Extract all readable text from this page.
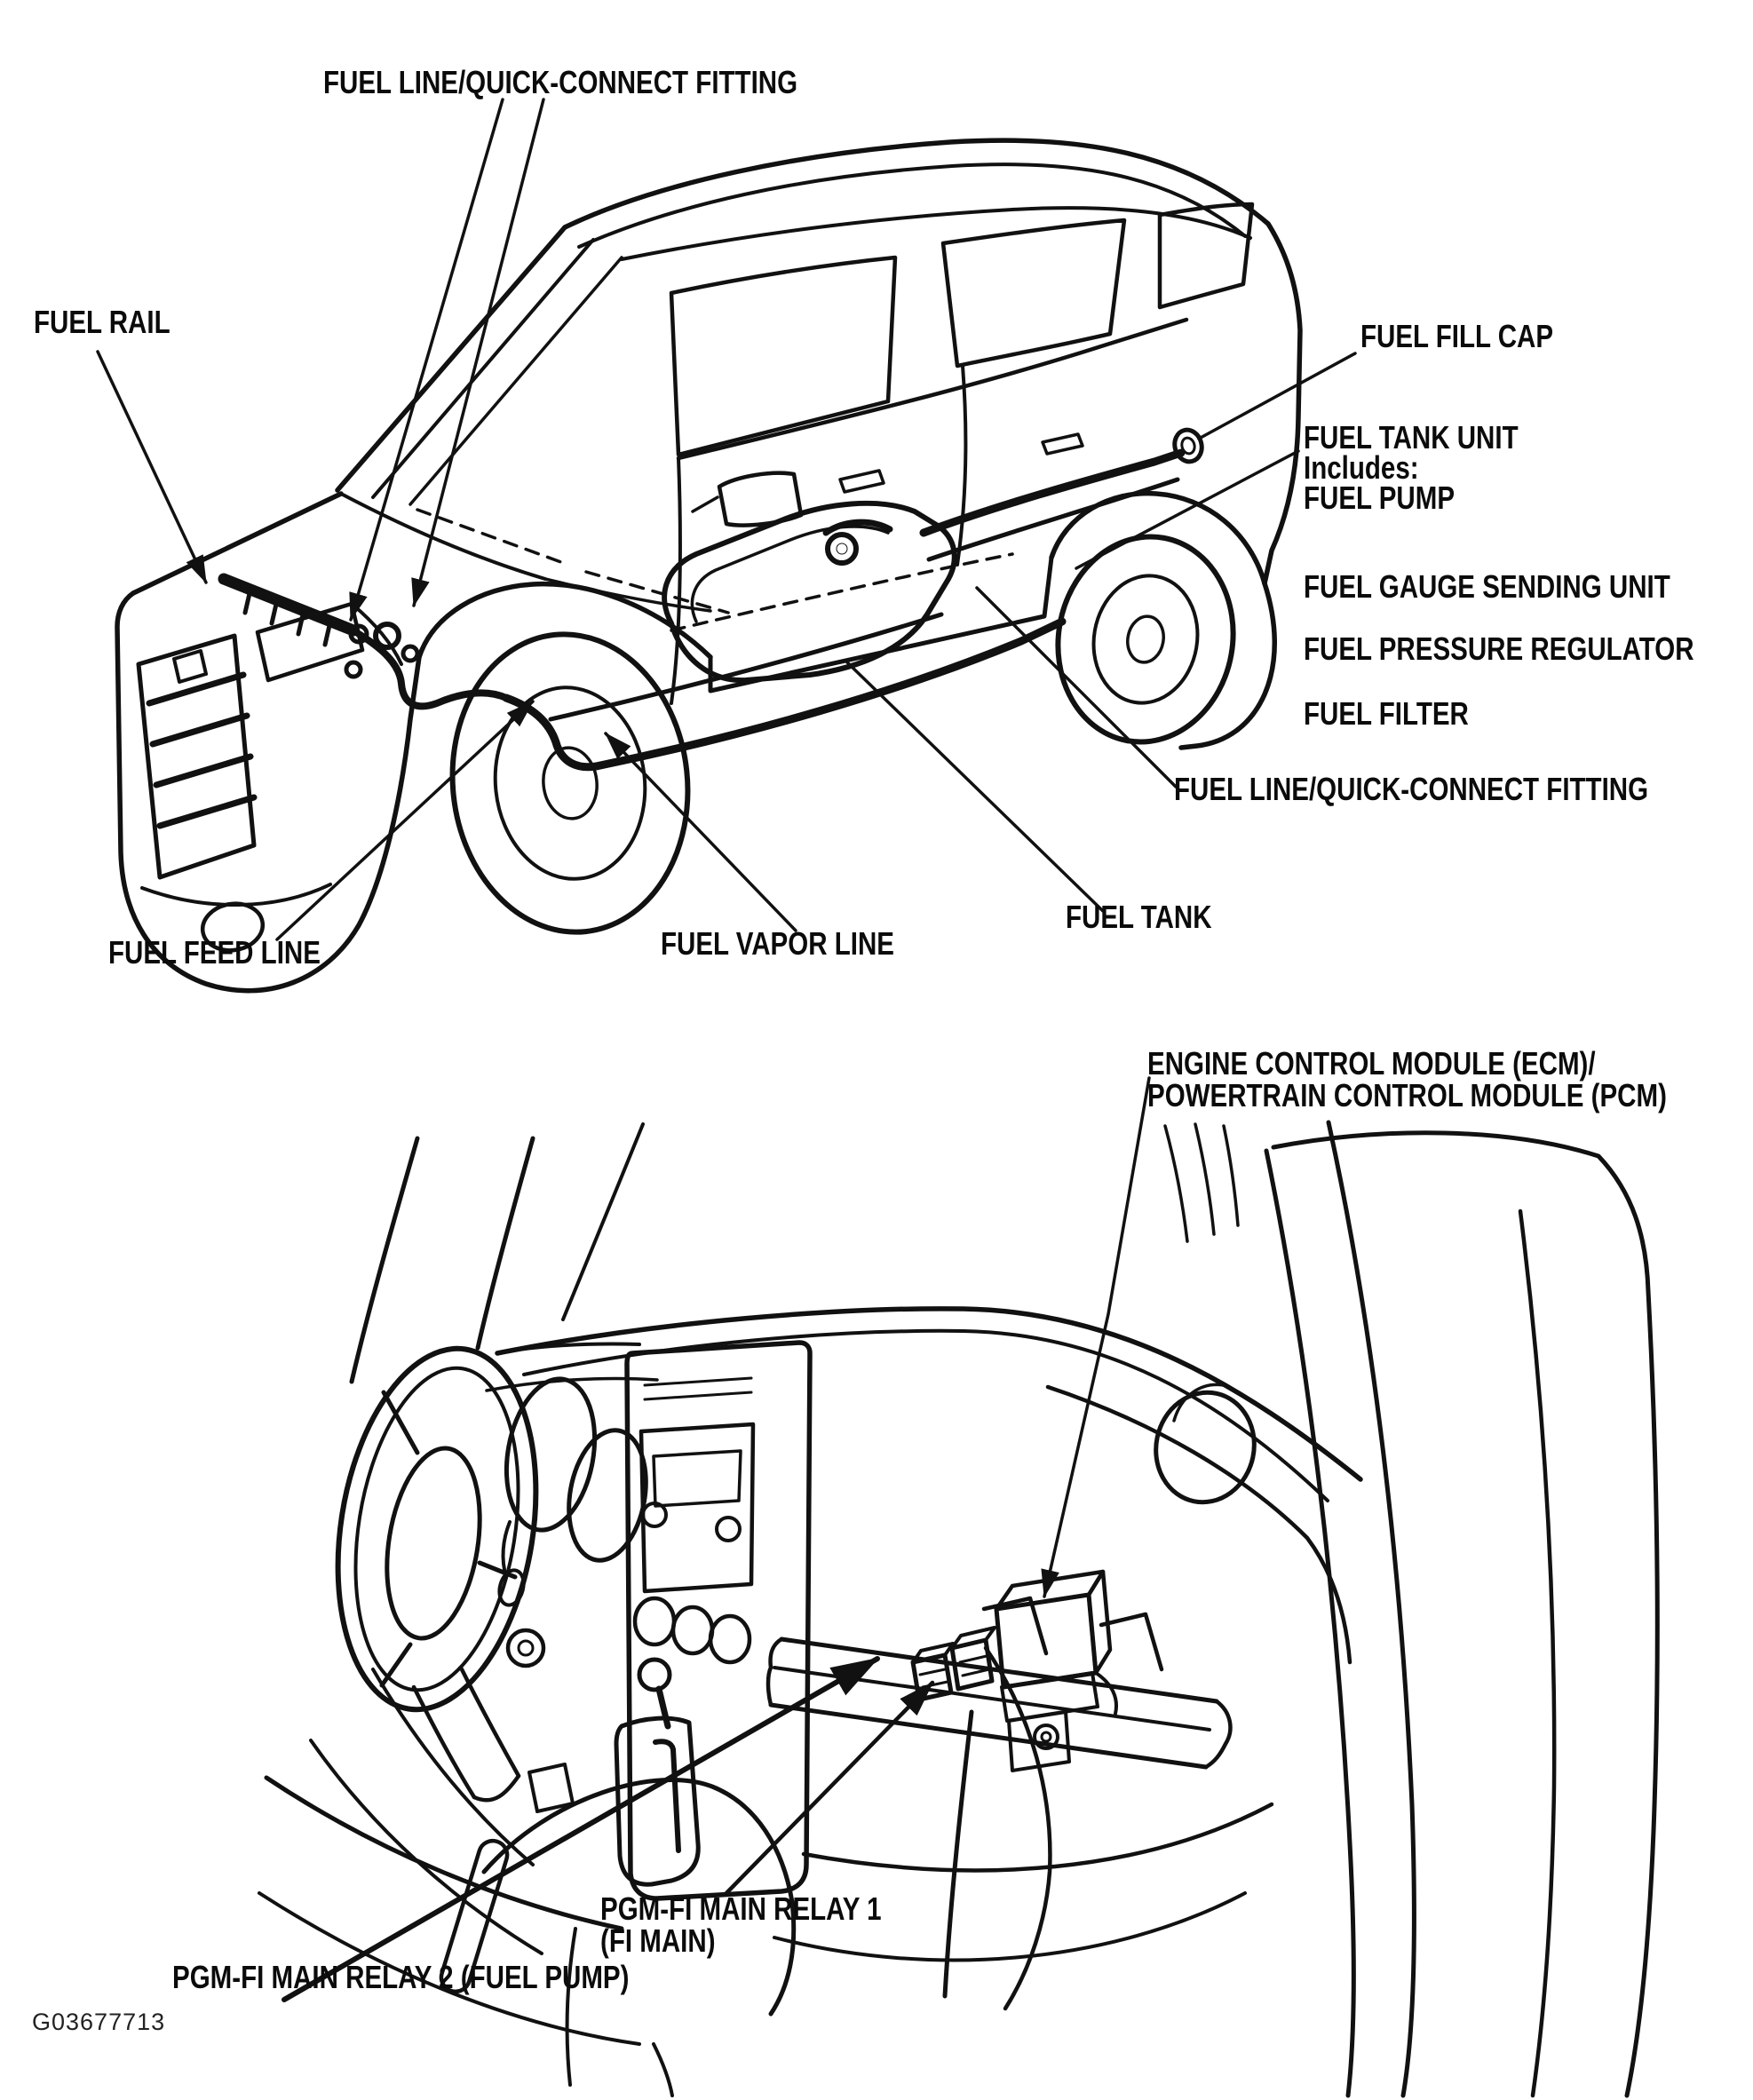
FUEL LINE/QUICK-CONNECT FITTING
FUEL RAIL	FUEL FILL CAP
FUEL TANK UNIT
Includes:
FUEL PUMP
FUEL GAUGE SENDING UNIT
FUEL PRESSURE REGULATOR
FUEL FILTER
FUEL LINE/QUICK-CONNECT FITTING
FUEL TANK
FUEL VAPOR LINE
FUEL FEED LINE
ENGINE CONTROL MODULE (ECM)/
POWERTRAIN CONTROL MODULE (PCM)
PGM-FI MAIN RELAY 1
(FI MAIN)
PGM-FI MAIN RELAY 2 (FUEL PUMP)
G03677713
